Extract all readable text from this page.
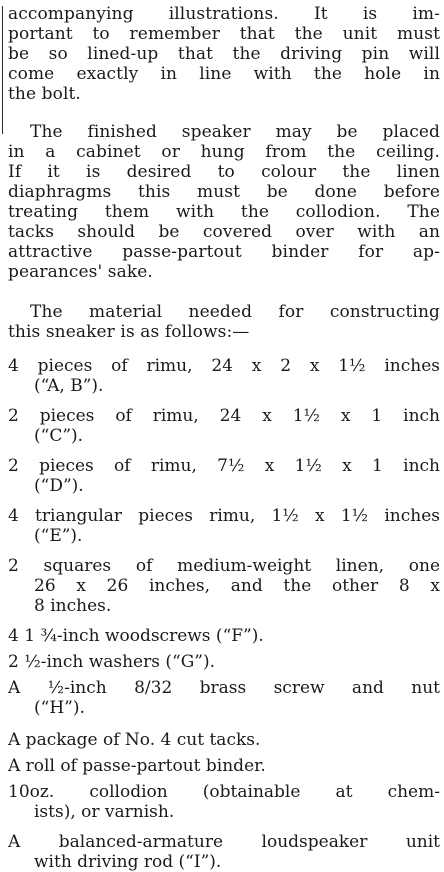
accompanying illustrations. It is im-
portant to remember that the unit must
be so lined-up that the driving pin will
come exactly in line with the hole in
the bolt.
The finished speaker may be placed
in a cabinet or hung from the ceiling.
If it is desired to colour the linen
diaphragms this must be done before
treating them with the collodion. The
tacks should be covered over with an
attractive passe-partout binder for ap-
pearances' sake.
The material needed for constructing
this sneaker is as follows:—
4 pieces of rimu, 24 x 2 x 1½ inches
(“A, B”).
2 pieces of rimu, 24 x 1½ x 1 inch
(“C”).
2 pieces of rimu, 7½ x 1½ x 1 inch
(“D”).
4 triangular pieces rimu, 1½ x 1½ inches
(“E”).
2 squares of medium-weight linen, one
26 x 26 inches, and the other 8 x
8 inches.
4 1 ¾-inch woodscrews (“F”).
2 ½-inch washers (“G”).
A ½-inch 8/32 brass screw and nut
(“H”).
A package of No. 4 cut tacks.
A roll of passe-partout binder.
10oz. collodion (obtainable at chem-
ists), or varnish.
A balanced-armature loudspeaker unit
with driving rod (“I”).
